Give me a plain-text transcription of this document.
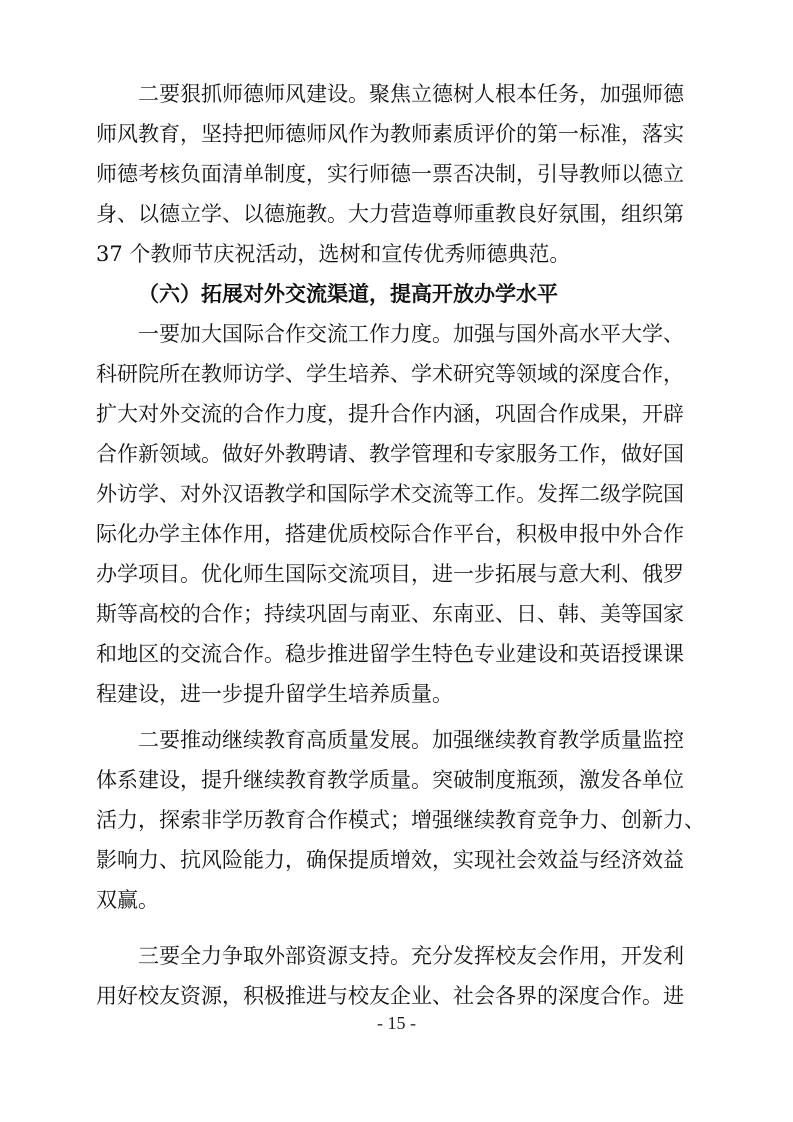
二要狠抓师德师风建设。聚焦立德树人根本任务，加强师德
师风教育，坚持把师德师风作为教师素质评价的第一标准，落实
师德考核负面清单制度，实行师德一票否决制，引导教师以德立
身、以德立学、以德施教。大力营造尊师重教良好氛围，组织第
37 个教师节庆祝活动，选树和宣传优秀师德典范。
（六）拓展对外交流渠道，提高开放办学水平
一要加大国际合作交流工作力度。加强与国外高水平大学、
科研院所在教师访学、学生培养、学术研究等领域的深度合作，
扩大对外交流的合作力度，提升合作内涵，巩固合作成果，开辟
合作新领域。做好外教聘请、教学管理和专家服务工作，做好国
外访学、对外汉语教学和国际学术交流等工作。发挥二级学院国
际化办学主体作用，搭建优质校际合作平台，积极申报中外合作
办学项目。优化师生国际交流项目，进一步拓展与意大利、俄罗
斯等高校的合作；持续巩固与南亚、东南亚、日、韩、美等国家
和地区的交流合作。稳步推进留学生特色专业建设和英语授课课
程建设，进一步提升留学生培养质量。
二要推动继续教育高质量发展。加强继续教育教学质量监控
体系建设，提升继续教育教学质量。突破制度瓶颈，激发各单位
活力，探索非学历教育合作模式；增强继续教育竞争力、创新力、
影响力、抗风险能力，确保提质增效，实现社会效益与经济效益
双赢。
三要全力争取外部资源支持。充分发挥校友会作用，开发利
用好校友资源，积极推进与校友企业、社会各界的深度合作。进
- 15 -
